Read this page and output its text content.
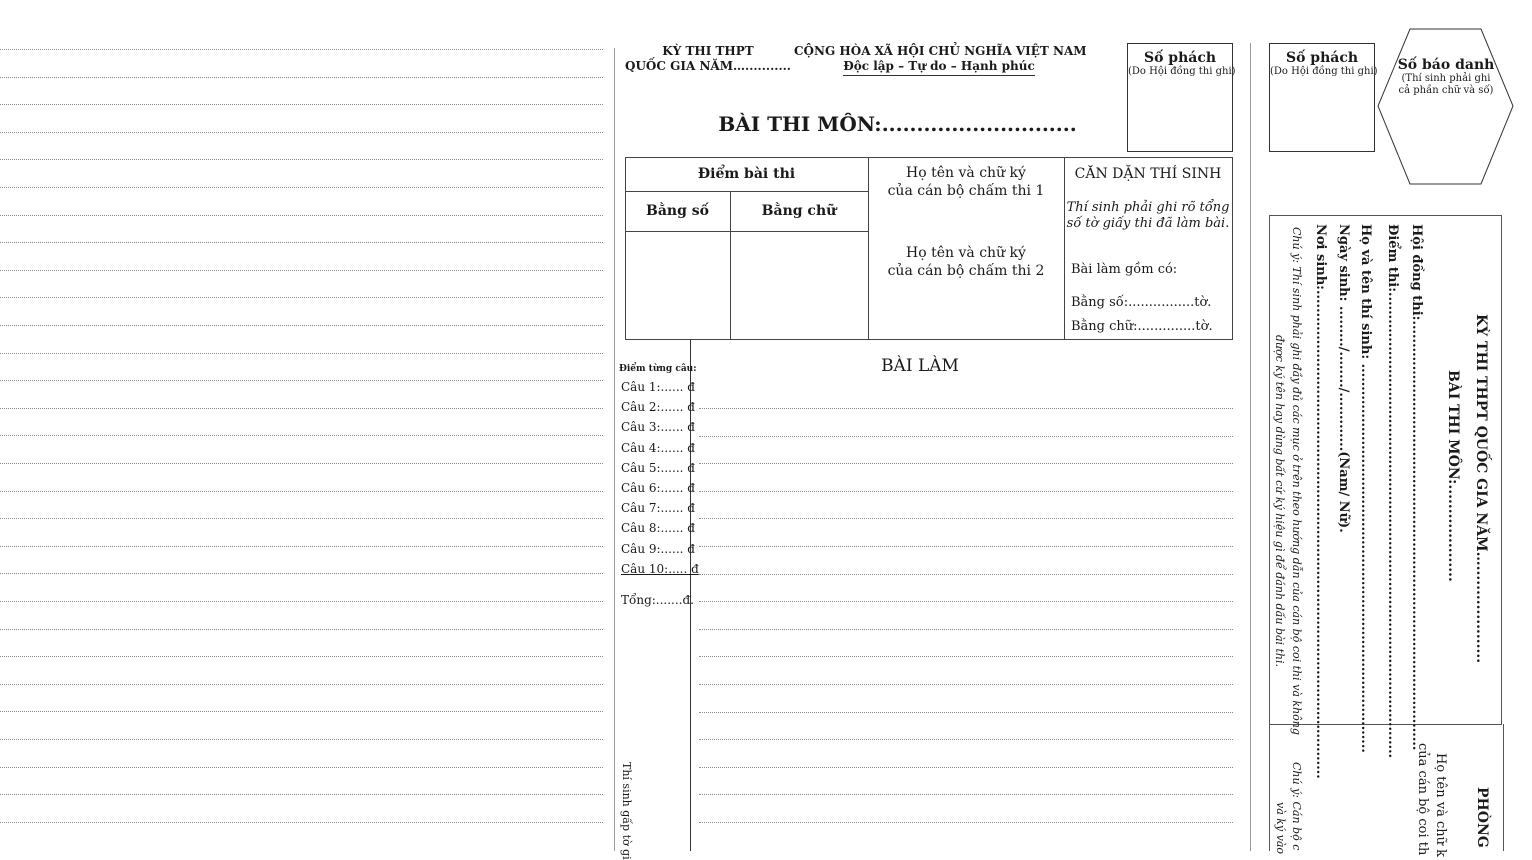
KỲ THI THPT
QUỐC GIA NĂM…...........
CỘNG HÒA XÃ HỘI CHỦ NGHĨA VIỆT NAM
Độc lập – Tự do – Hạnh phúc
BÀI THI MÔN:............................
Số phách
(Do Hội đồng thi ghi)
Điểm bài thi
Bằng số	Bằng chữ
Họ tên và chữ ký
của cán bộ chấm thi 1
Họ tên và chữ ký
của cán bộ chấm thi 2
CĂN DẶN THÍ SINH
Thí sinh phải ghi rõ tổng
số tờ giấy thi đã làm bài.
Bài làm gồm có:
Bằng số:................tờ.
Bằng chữ:..............tờ.
BÀI LÀM
Điểm từng câu:
Câu 1:...... đ
Câu 2:...... đ
Câu 3:...... đ
Câu 4:...... đ
Câu 5:...... đ
Câu 6:...... đ
Câu 7:...... đ
Câu 8:...... đ
Câu 9:...... đ
Câu 10:..... đ
Tổng:.......đ.
Thí sinh gấp tờ gi
Số phách
(Do Hội đồng thi ghi)	Số báo danh
(Thí sinh phải ghi
cả phần chữ và số)
KỲ THI THPT QUỐC GIA NĂM…....................
BÀI THI MÔN:....................
Hội đồng thi:...............................................................................................
Điểm thi:.......................................................................................................
Họ và tên thí sinh: ......................................................................................
Ngày sinh: ........./......../.............(Nam/ Nữ).
Nơi sinh:............................................................................................................
Chú ý: Thí sinh phải ghi đầy đủ các mục ở trên theo hướng dẫn của cán bộ coi thi và không
được ký tên hay dùng bất cứ ký hiệu gì để đánh dấu bài thi.
PHÒNG
Họ tên và chữ k
của cán bộ coi th
Chú ý: Cán bộ c
và ký vào
